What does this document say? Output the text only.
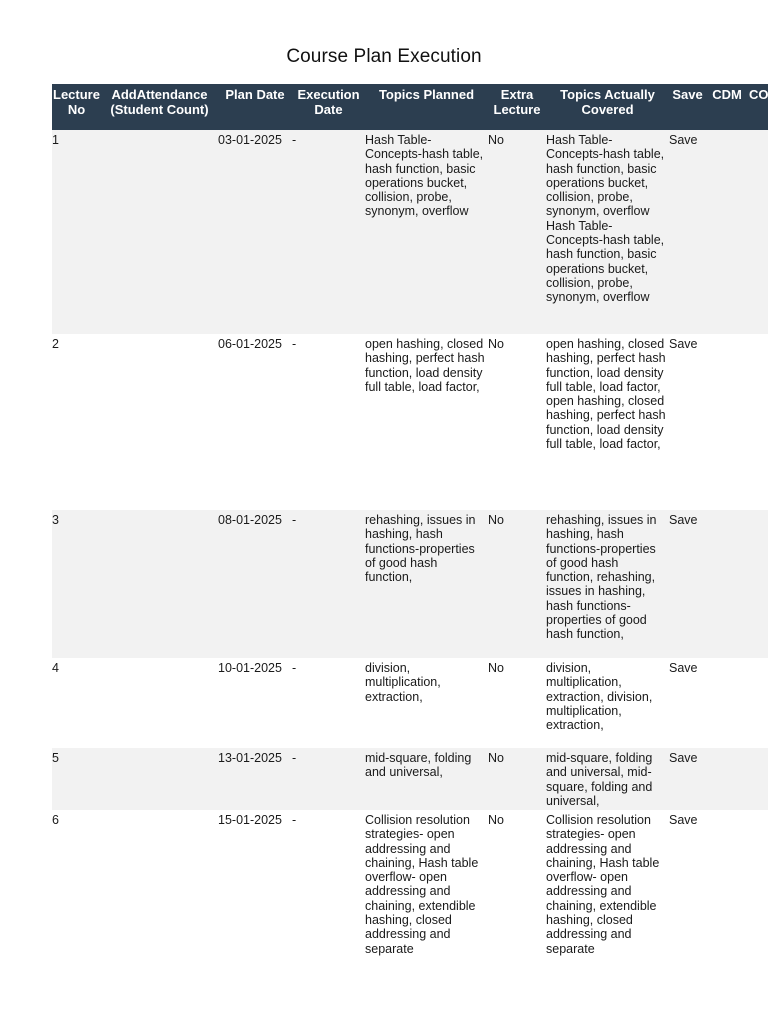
Course Plan Execution
Lecture No	AddAttendance (Student Count)	Plan Date	Execution Date	Topics Planned	Extra Lecture	Topics Actually Covered	Save	CDM	CO
1		03-01-2025	-	Hash Table-Concepts-hash table, hash function, basic operations bucket, collision, probe, synonym, overflow	No	Hash Table-Concepts-hash table, hash function, basic operations bucket, collision, probe, synonym, overflow Hash Table-Concepts-hash table, hash function, basic operations bucket, collision, probe, synonym, overflow	Save		
2		06-01-2025	-	open hashing, closed hashing, perfect hash function, load density full table, load factor,	No	open hashing, closed hashing, perfect hash function, load density full table, load factor, open hashing, closed hashing, perfect hash function, load density full table, load factor,	Save		
3		08-01-2025	-	rehashing, issues in hashing, hash functions-properties of good hash function,	No	rehashing, issues in hashing, hash functions-properties of good hash function, rehashing, issues in hashing, hash functions-properties of good hash function,	Save		
4		10-01-2025	-	division, multiplication, extraction,	No	division, multiplication, extraction, division, multiplication, extraction,	Save		
5		13-01-2025	-	mid-square, folding and universal,	No	mid-square, folding and universal, mid-square, folding and universal,	Save		
6		15-01-2025	-	Collision resolution strategies- open addressing and chaining, Hash table overflow- open addressing and chaining, extendible hashing, closed addressing and separate	No	Collision resolution strategies- open addressing and chaining, Hash table overflow- open addressing and chaining, extendible hashing, closed addressing and separate	Save		
